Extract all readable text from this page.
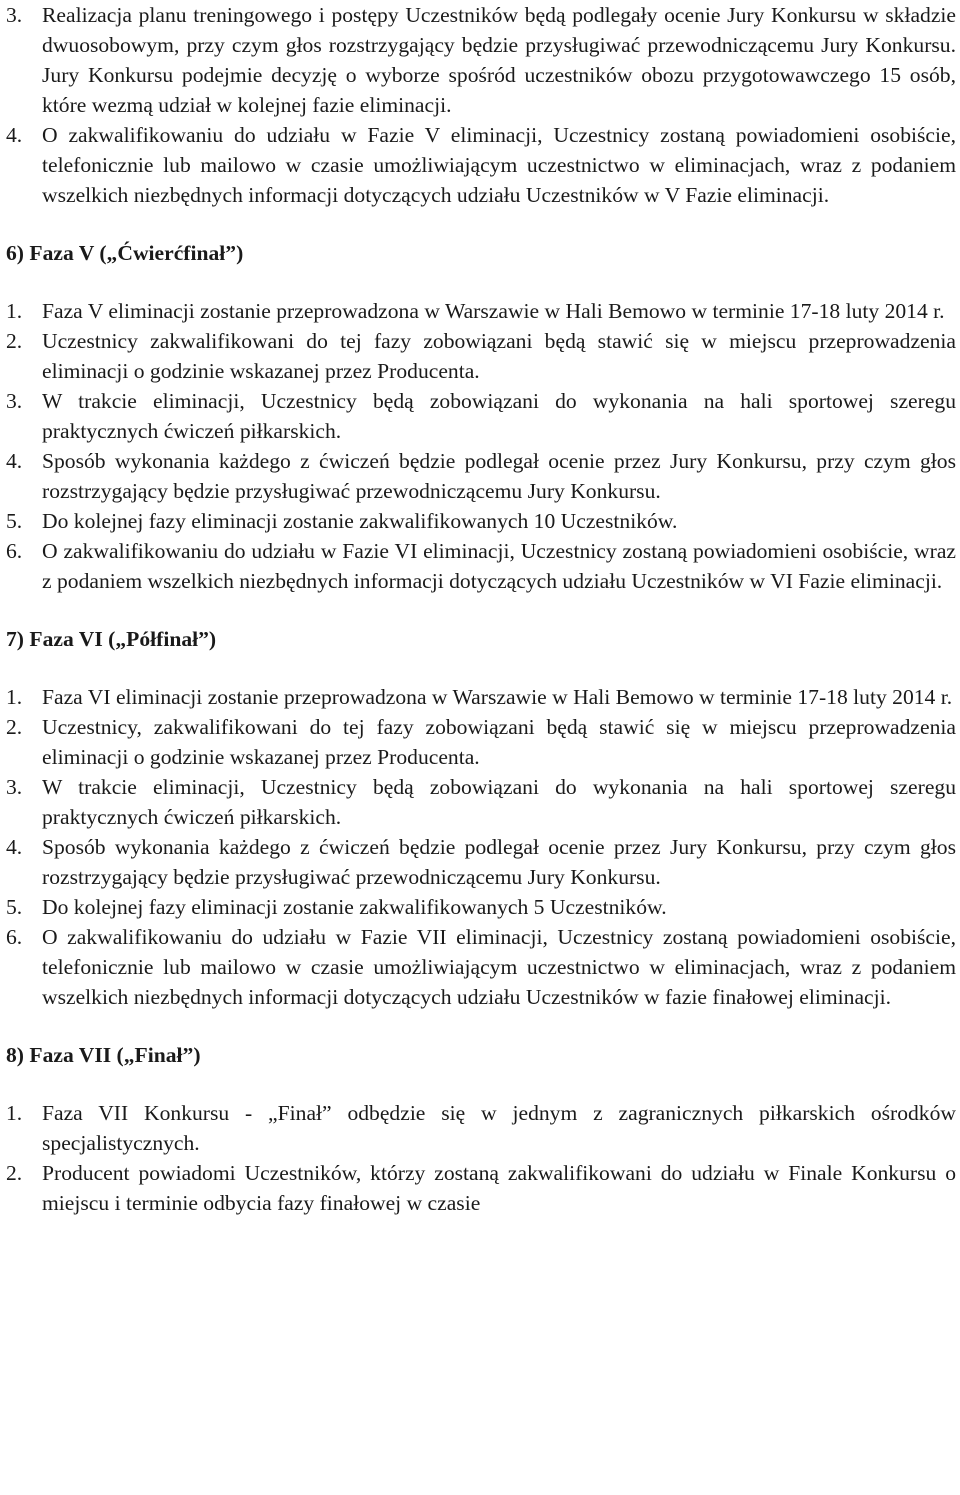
3. Realizacja planu treningowego i postępy Uczestników będą podlegały ocenie Jury Konkursu w składzie dwuosobowym, przy czym głos rozstrzygający będzie przysługiwać przewodniczącemu Jury Konkursu. Jury Konkursu podejmie decyzję o wyborze spośród uczestników obozu przygotowawczego 15 osób, które wezmą udział w kolejnej fazie eliminacji.
4. O zakwalifikowaniu do udziału w Fazie V eliminacji, Uczestnicy zostaną powiadomieni osobiście, telefonicznie lub mailowo w czasie umożliwiającym uczestnictwo w eliminacjach, wraz z podaniem wszelkich niezbędnych informacji dotyczących udziału Uczestników w V Fazie eliminacji.
6) Faza V („Ćwierćfinał”)
1. Faza V eliminacji zostanie przeprowadzona w Warszawie w Hali Bemowo w terminie 17-18 luty 2014 r.
2. Uczestnicy zakwalifikowani do tej fazy zobowiązani będą stawić się w miejscu przeprowadzenia eliminacji o godzinie wskazanej przez Producenta.
3. W trakcie eliminacji, Uczestnicy będą zobowiązani do wykonania na hali sportowej szeregu praktycznych ćwiczeń piłkarskich.
4. Sposób wykonania każdego z ćwiczeń będzie podlegał ocenie przez Jury Konkursu, przy czym głos rozstrzygający będzie przysługiwać przewodniczącemu Jury Konkursu.
5. Do kolejnej fazy eliminacji zostanie zakwalifikowanych 10 Uczestników.
6. O zakwalifikowaniu do udziału w Fazie VI eliminacji, Uczestnicy zostaną powiadomieni osobiście, wraz z podaniem wszelkich niezbędnych informacji dotyczących udziału Uczestników w VI Fazie eliminacji.
7) Faza VI („Półfinał”)
1. Faza VI eliminacji zostanie przeprowadzona w Warszawie w Hali Bemowo w terminie 17-18 luty 2014 r.
2. Uczestnicy, zakwalifikowani do tej fazy zobowiązani będą stawić się w miejscu przeprowadzenia eliminacji o godzinie wskazanej przez Producenta.
3. W trakcie eliminacji, Uczestnicy będą zobowiązani do wykonania na hali sportowej szeregu praktycznych ćwiczeń piłkarskich.
4. Sposób wykonania każdego z ćwiczeń będzie podlegał ocenie przez Jury Konkursu, przy czym głos rozstrzygający będzie przysługiwać przewodniczącemu Jury Konkursu.
5. Do kolejnej fazy eliminacji zostanie zakwalifikowanych 5 Uczestników.
6. O zakwalifikowaniu do udziału w Fazie VII eliminacji, Uczestnicy zostaną powiadomieni osobiście, telefonicznie lub mailowo w czasie umożliwiającym uczestnictwo w eliminacjach, wraz z podaniem wszelkich niezbędnych informacji dotyczących udziału Uczestników w fazie finałowej eliminacji.
8) Faza VII („Finał”)
1. Faza VII Konkursu - „Finał” odbędzie się w jednym z zagranicznych piłkarskich ośrodków specjalistycznych.
2. Producent powiadomi Uczestników, którzy zostaną zakwalifikowani do udziału w Finale Konkursu o miejscu i terminie odbycia fazy finałowej w czasie
